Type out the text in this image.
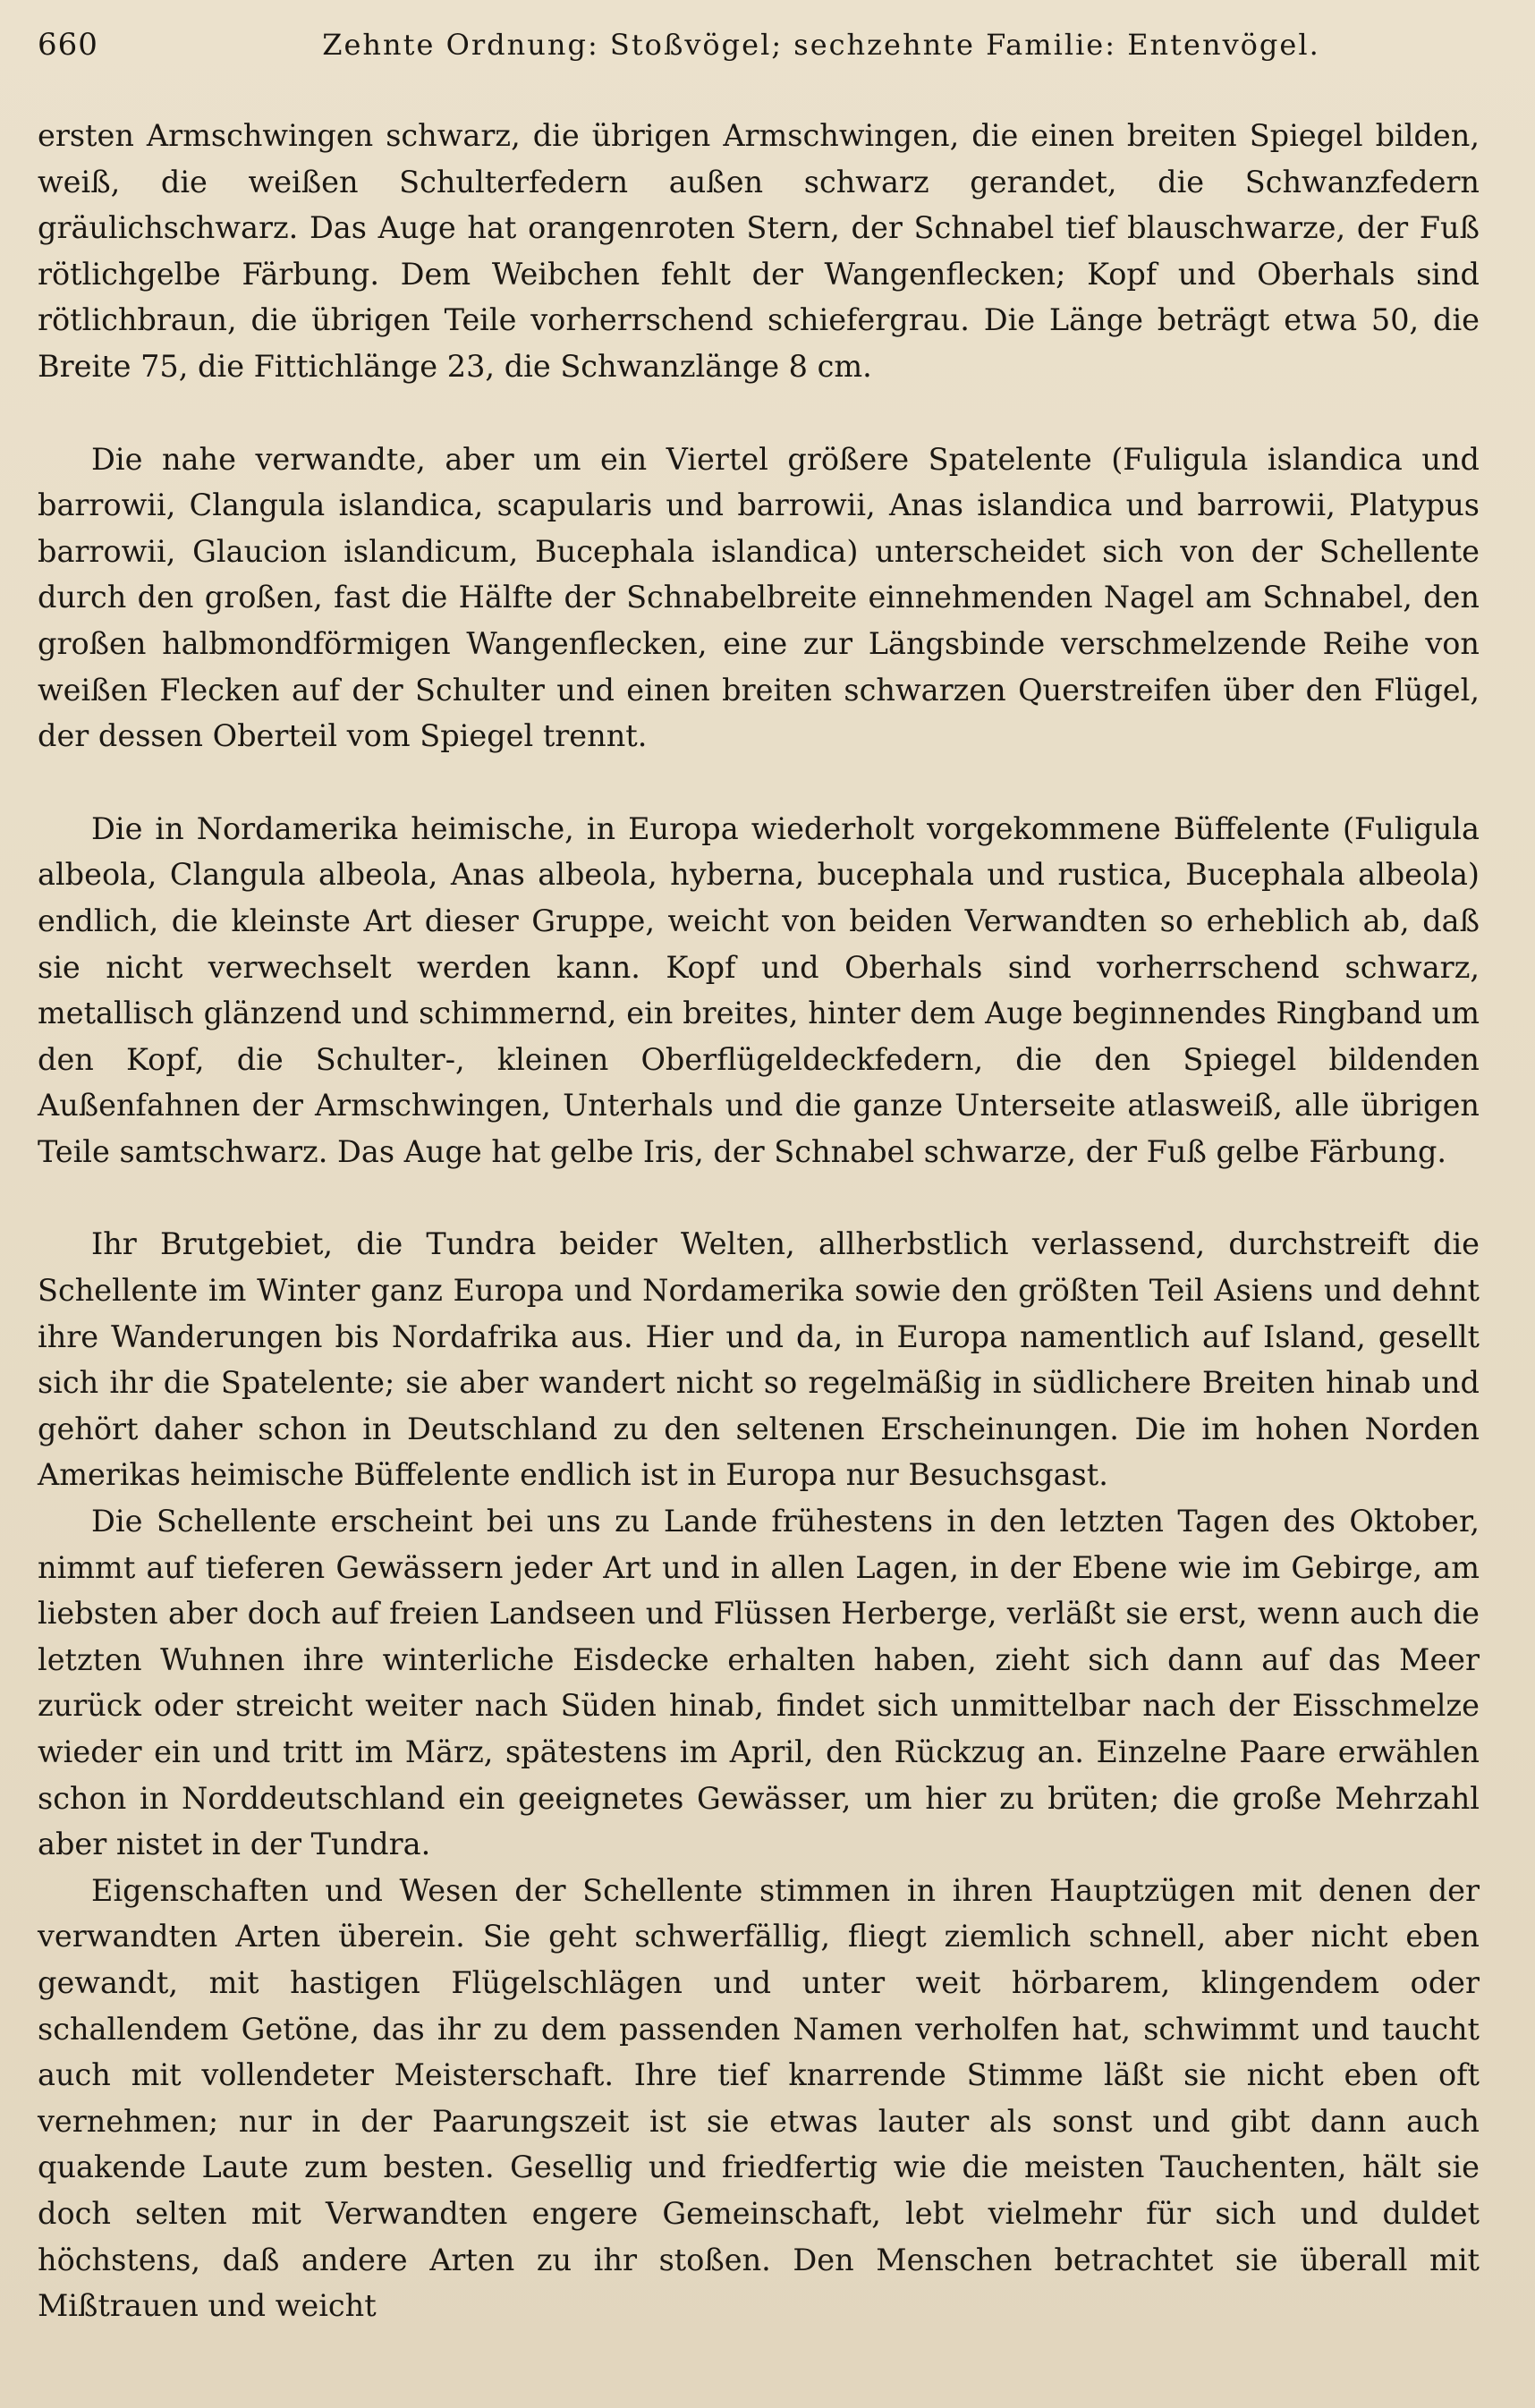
660	Zehnte Ordnung: Stoßvögel; sechzehnte Familie: Entenvögel.

ersten Armschwingen schwarz, die übrigen Armschwingen, die einen breiten Spiegel bilden, weiß, die weißen Schulterfedern außen schwarz gerandet, die Schwanzfedern gräulichschwarz. Das Auge hat orangenroten Stern, der Schnabel tief blauschwarze, der Fuß rötlichgelbe Färbung. Dem Weibchen fehlt der Wangenflecken; Kopf und Oberhals sind rötlichbraun, die übrigen Teile vorherrschend schiefergrau. Die Länge beträgt etwa 50, die Breite 75, die Fittichlänge 23, die Schwanzlänge 8 cm.

Die nahe verwandte, aber um ein Viertel größere Spatelente (Fuligula islandica und barrowii, Clangula islandica, scapularis und barrowii, Anas islandica und barrowii, Platypus barrowii, Glaucion islandicum, Bucephala islandica) unterscheidet sich von der Schellente durch den großen, fast die Hälfte der Schnabelbreite einnehmenden Nagel am Schnabel, den großen halbmondförmigen Wangenflecken, eine zur Längsbinde verschmelzende Reihe von weißen Flecken auf der Schulter und einen breiten schwarzen Querstreifen über den Flügel, der dessen Oberteil vom Spiegel trennt.

Die in Nordamerika heimische, in Europa wiederholt vorgekommene Büffelente (Fuligula albeola, Clangula albeola, Anas albeola, hyberna, bucephala und rustica, Bucephala albeola) endlich, die kleinste Art dieser Gruppe, weicht von beiden Verwandten so erheblich ab, daß sie nicht verwechselt werden kann. Kopf und Oberhals sind vorherrschend schwarz, metallisch glänzend und schimmernd, ein breites, hinter dem Auge beginnendes Ringband um den Kopf, die Schulter-, kleinen Oberflügeldeckfedern, die den Spiegel bildenden Außenfahnen der Armschwingen, Unterhals und die ganze Unterseite atlasweiß, alle übrigen Teile samtschwarz. Das Auge hat gelbe Iris, der Schnabel schwarze, der Fuß gelbe Färbung.

Ihr Brutgebiet, die Tundra beider Welten, allherbstlich verlassend, durchstreift die Schellente im Winter ganz Europa und Nordamerika sowie den größten Teil Asiens und dehnt ihre Wanderungen bis Nordafrika aus. Hier und da, in Europa namentlich auf Island, gesellt sich ihr die Spatelente; sie aber wandert nicht so regelmäßig in südlichere Breiten hinab und gehört daher schon in Deutschland zu den seltenen Erscheinungen. Die im hohen Norden Amerikas heimische Büffelente endlich ist in Europa nur Besuchsgast.

Die Schellente erscheint bei uns zu Lande frühestens in den letzten Tagen des Oktober, nimmt auf tieferen Gewässern jeder Art und in allen Lagen, in der Ebene wie im Gebirge, am liebsten aber doch auf freien Landseen und Flüssen Herberge, verläßt sie erst, wenn auch die letzten Wuhnen ihre winterliche Eisdecke erhalten haben, zieht sich dann auf das Meer zurück oder streicht weiter nach Süden hinab, findet sich unmittelbar nach der Eisschmelze wieder ein und tritt im März, spätestens im April, den Rückzug an. Einzelne Paare erwählen schon in Norddeutschland ein geeignetes Gewässer, um hier zu brüten; die große Mehrzahl aber nistet in der Tundra.

Eigenschaften und Wesen der Schellente stimmen in ihren Hauptzügen mit denen der verwandten Arten überein. Sie geht schwerfällig, fliegt ziemlich schnell, aber nicht eben gewandt, mit hastigen Flügelschlägen und unter weit hörbarem, klingendem oder schallendem Getöne, das ihr zu dem passenden Namen verholfen hat, schwimmt und taucht auch mit vollendeter Meisterschaft. Ihre tief knarrende Stimme läßt sie nicht eben oft vernehmen; nur in der Paarungszeit ist sie etwas lauter als sonst und gibt dann auch quakende Laute zum besten. Gesellig und friedfertig wie die meisten Tauchenten, hält sie doch selten mit Verwandten engere Gemeinschaft, lebt vielmehr für sich und duldet höchstens, daß andere Arten zu ihr stoßen. Den Menschen betrachtet sie überall mit Mißtrauen und weicht
